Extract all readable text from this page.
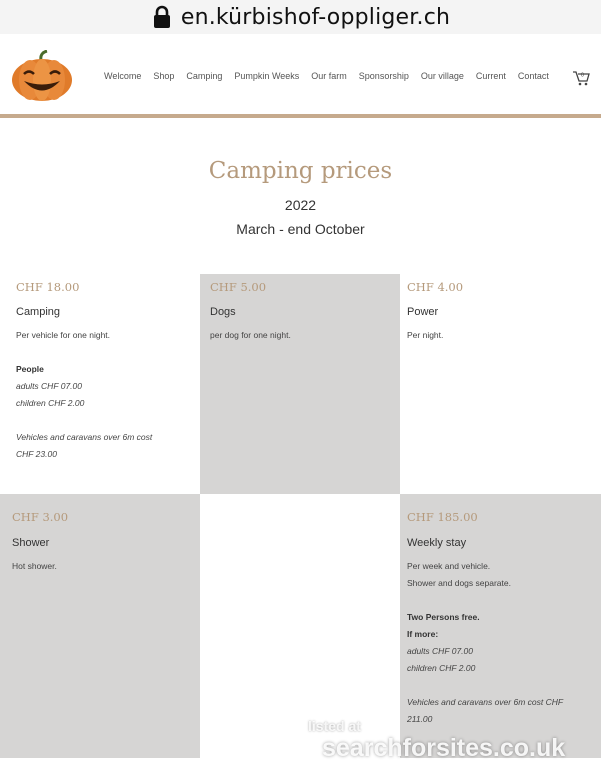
en.kürbishof-oppliger.ch
Welcome Shop Camping Pumpkin Weeks Our farm Sponsorship Our village Current Contact	0
Camping prices
2022
March - end October
CHF 18.00
Camping
Per vehicle for one night.
People
adults CHF 07.00
children CHF 2.00
Vehicles and caravans over 6m cost
CHF 23.00
CHF 5.00
Dogs
per dog for one night.
CHF 4.00
Power
Per night.
CHF 3.00
Shower
Hot shower.
CHF 185.00
Weekly stay
Per week and vehicle.
Shower and dogs separate.
Two Persons free.
If more:
adults CHF 07.00
children CHF 2.00
Vehicles and caravans over 6m cost CHF
211.00
listed at
searchforsites.co.uk
